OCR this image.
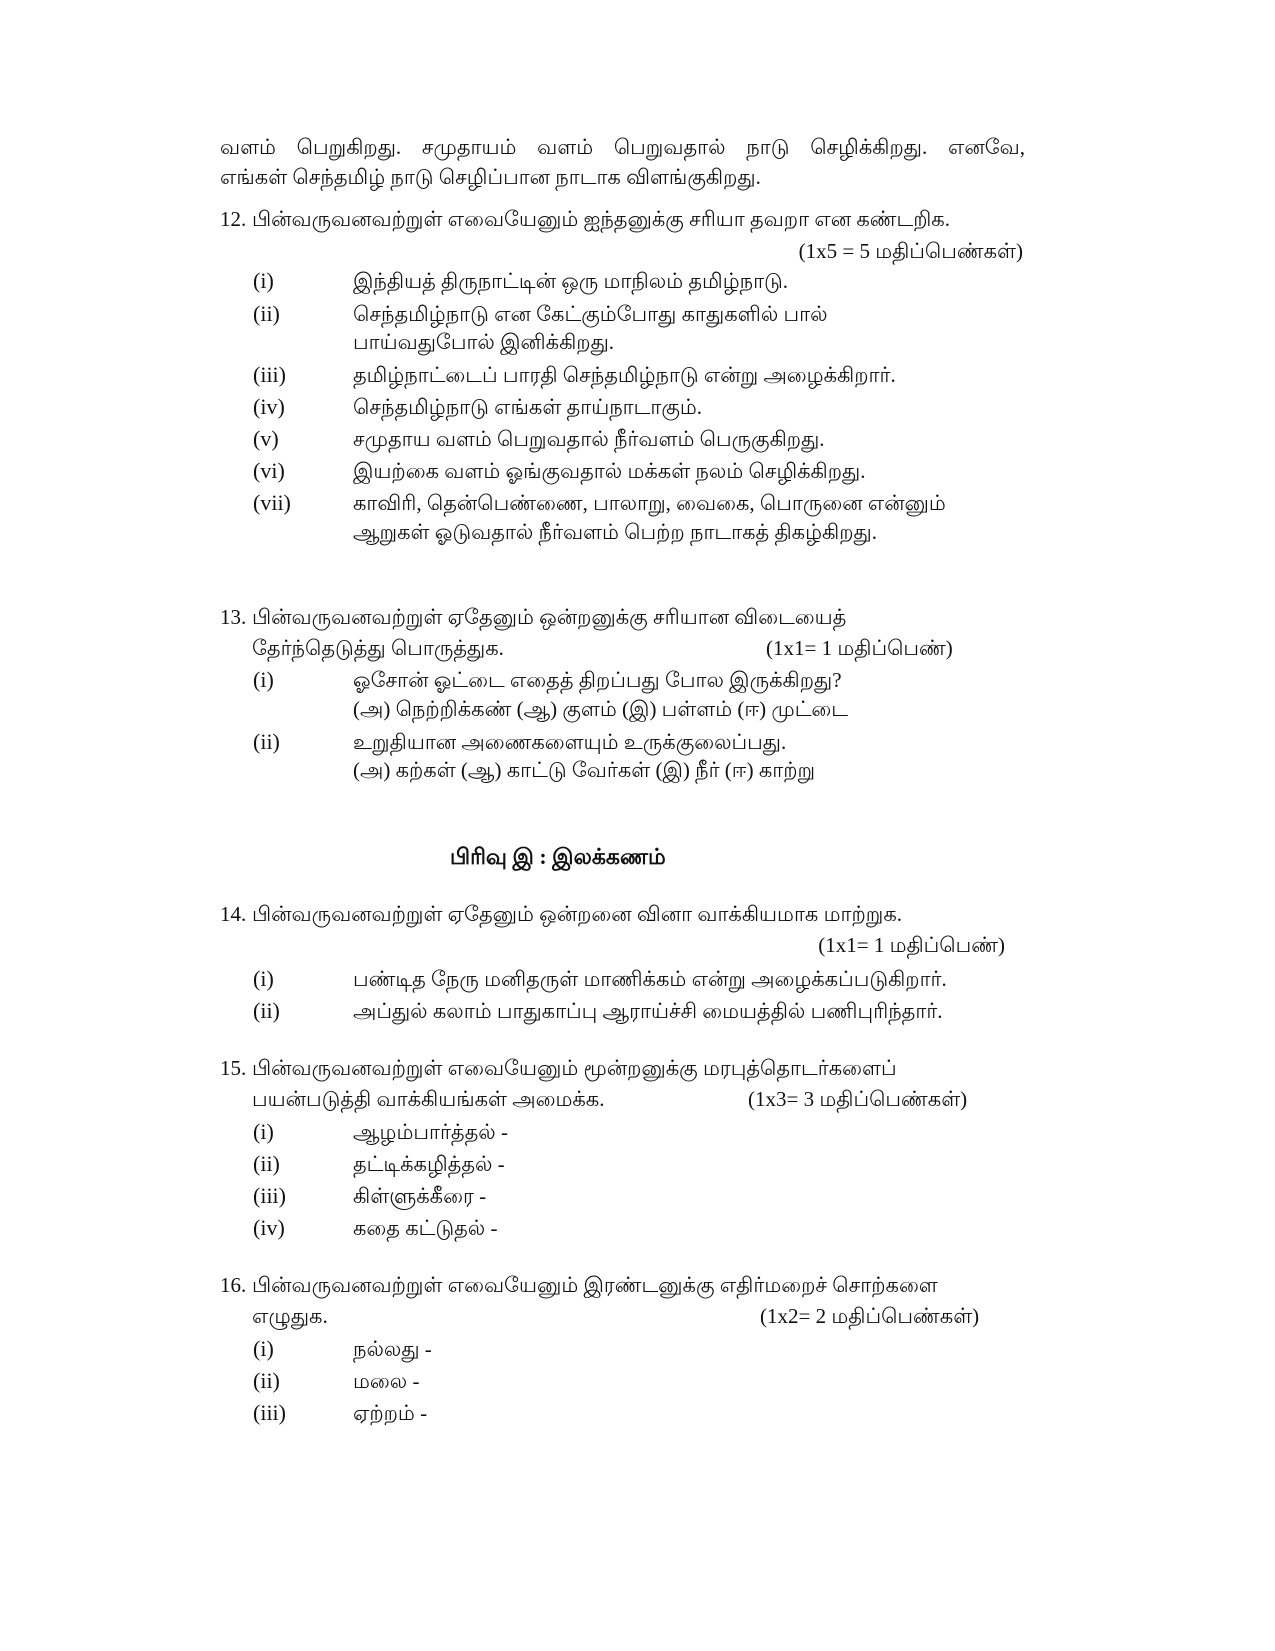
வளம் பெறுகிறது. சமுதாயம் வளம் பெறுவதால் நாடு செழிக்கிறது. எனவே,
எங்கள் செந்தமிழ் நாடு செழிப்பான நாடாக விளங்குகிறது.
12. பின்வருவனவற்றுள் எவையேனும் ஐந்தனுக்கு சரியா தவறா என கண்டறிக.
(1x5 = 5 மதிப்பெண்கள்)
(i)	இந்தியத் திருநாட்டின் ஒரு மாநிலம் தமிழ்நாடு.
(ii)	செந்தமிழ்நாடு என கேட்கும்போது காதுகளில் பால்
பாய்வதுபோல் இனிக்கிறது.
(iii)	தமிழ்நாட்டைப் பாரதி செந்தமிழ்நாடு என்று அழைக்கிறார்.
(iv)	செந்தமிழ்நாடு எங்கள் தாய்நாடாகும்.
(v)	சமுதாய வளம் பெறுவதால் நீர்வளம் பெருகுகிறது.
(vi)	இயற்கை வளம் ஓங்குவதால் மக்கள் நலம் செழிக்கிறது.
(vii)	காவிரி, தென்பெண்ணை, பாலாறு, வைகை, பொருனை என்னும்
ஆறுகள் ஓடுவதால் நீர்வளம் பெற்ற நாடாகத் திகழ்கிறது.
13. பின்வருவனவற்றுள் ஏதேனும் ஒன்றனுக்கு சரியான விடையைத்
தேர்ந்தெடுத்து பொருத்துக.	(1x1= 1 மதிப்பெண்)
(i)	ஓசோன் ஓட்டை எதைத் திறப்பது போல இருக்கிறது?
(அ) நெற்றிக்கண் (ஆ) குளம் (இ) பள்ளம் (ஈ) முட்டை
(ii)	உறுதியான அணைகளையும் உருக்குலைப்பது.
(அ) கற்கள் (ஆ) காட்டு வேர்கள் (இ) நீர் (ஈ) காற்று
பிரிவு இ : இலக்கணம்
14. பின்வருவனவற்றுள் ஏதேனும் ஒன்றனை வினா வாக்கியமாக மாற்றுக.
(1x1= 1 மதிப்பெண்)
(i)	பண்டித நேரு மனிதருள் மாணிக்கம் என்று அழைக்கப்படுகிறார்.
(ii)	அப்துல் கலாம் பாதுகாப்பு ஆராய்ச்சி மையத்தில் பணிபுரிந்தார்.
15. பின்வருவனவற்றுள் எவையேனும் மூன்றனுக்கு மரபுத்தொடர்களைப்
பயன்படுத்தி வாக்கியங்கள் அமைக்க.	(1x3= 3 மதிப்பெண்கள்)
(i)	ஆழம்பார்த்தல் -
(ii)	தட்டிக்கழித்தல் -
(iii)	கிள்ளுக்கீரை -
(iv)	கதை கட்டுதல் -
16. பின்வருவனவற்றுள் எவையேனும் இரண்டனுக்கு எதிர்மறைச் சொற்களை
எழுதுக.	(1x2= 2 மதிப்பெண்கள்)
(i)	நல்லது -
(ii)	மலை -
(iii)	ஏற்றம் -
